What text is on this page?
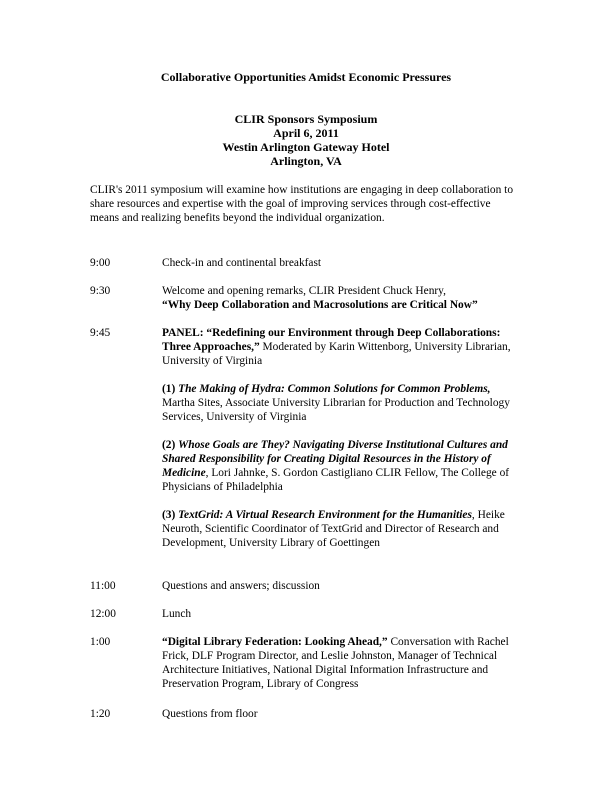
Collaborative Opportunities Amidst Economic Pressures
CLIR Sponsors Symposium
April 6, 2011
Westin Arlington Gateway Hotel
Arlington, VA

CLIR's 2011 symposium will examine how institutions are engaging in deep collaboration to share resources and expertise with the goal of improving services through cost-effective means and realizing benefits beyond the individual organization.

9:00	Check-in and continental breakfast
9:30	Welcome and opening remarks, CLIR President Chuck Henry,
“Why Deep Collaboration and Macrosolutions are Critical Now”
9:45	PANEL: “Redefining our Environment through Deep Collaborations: Three Approaches,” Moderated by Karin Wittenborg, University Librarian, University of Virginia

(1) The Making of Hydra: Common Solutions for Common Problems, Martha Sites, Associate University Librarian for Production and Technology Services, University of Virginia

(2) Whose Goals are They? Navigating Diverse Institutional Cultures and Shared Responsibility for Creating Digital Resources in the History of Medicine, Lori Jahnke, S. Gordon Castigliano CLIR Fellow, The College of Physicians of Philadelphia

(3) TextGrid: A Virtual Research Environment for the Humanities, Heike Neuroth, Scientific Coordinator of TextGrid and Director of Research and Development, University Library of Goettingen

11:00	Questions and answers; discussion
12:00	Lunch
1:00	“Digital Library Federation: Looking Ahead,” Conversation with Rachel Frick, DLF Program Director, and Leslie Johnston, Manager of Technical Architecture Initiatives, National Digital Information Infrastructure and Preservation Program, Library of Congress

1:20	Questions from floor
